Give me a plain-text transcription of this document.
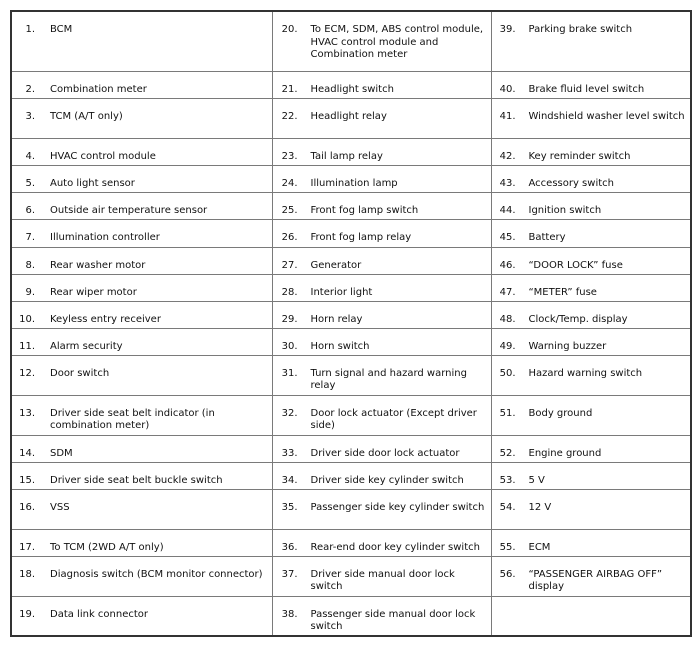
1. BCM	20. To ECM, SDM, ABS control module, HVAC control module and Combination meter	39. Parking brake switch

2. Combination meter	21. Headlight switch	40. Brake fluid level switch

3. TCM (A/T only)	22. Headlight relay	41. Windshield washer level switch

4. HVAC control module	23. Tail lamp relay	42. Key reminder switch

5. Auto light sensor	24. Illumination lamp	43. Accessory switch

6. Outside air temperature sensor	25. Front fog lamp switch	44. Ignition switch

7. Illumination controller	26. Front fog lamp relay	45. Battery

8. Rear washer motor	27. Generator	46. “DOOR LOCK” fuse

9. Rear wiper motor	28. Interior light	47. “METER” fuse

10. Keyless entry receiver	29. Horn relay	48. Clock/Temp. display

11. Alarm security	30. Horn switch	49. Warning buzzer

12. Door switch	31. Turn signal and hazard warning relay	50. Hazard warning switch

13. Driver side seat belt indicator (in combination meter)	32. Door lock actuator (Except driver side)	51. Body ground

14. SDM	33. Driver side door lock actuator	52. Engine ground

15. Driver side seat belt buckle switch	34. Driver side key cylinder switch	53. 5 V

16. VSS	35. Passenger side key cylinder switch	54. 12 V

17. To TCM (2WD A/T only)	36. Rear-end door key cylinder switch	55. ECM

18. Diagnosis switch (BCM monitor connector)	37. Driver side manual door lock switch	56. “PASSENGER AIRBAG OFF” display

19. Data link connector	38. Passenger side manual door lock switch	
